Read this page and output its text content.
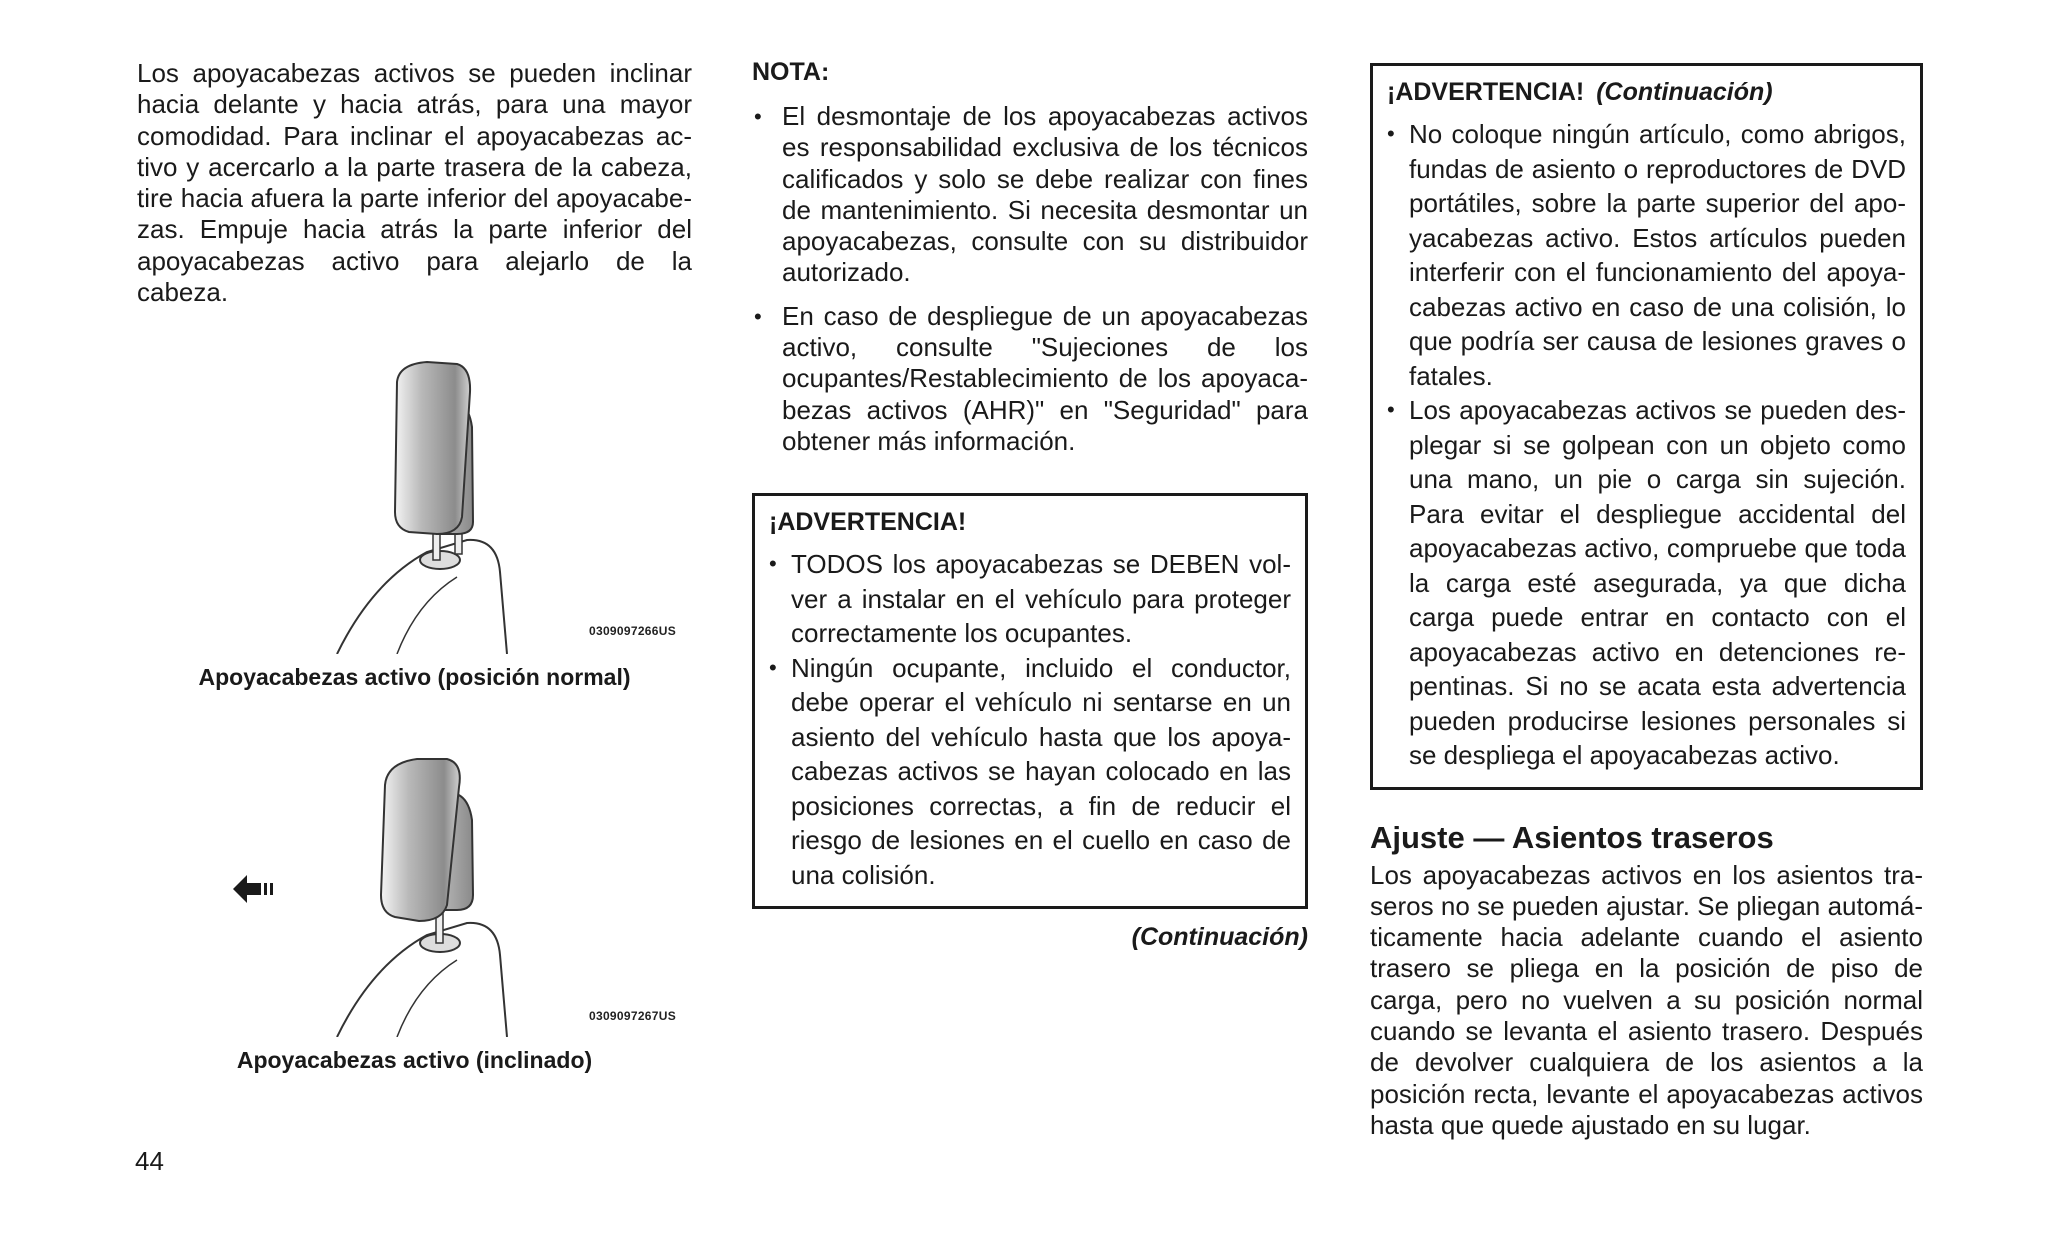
Los apoyacabezas activos se pueden inclinar hacia delante y hacia atrás, para una mayor comodidad. Para inclinar el apoyacabezas activo y acercarlo a la parte trasera de la cabeza, tire hacia afuera la parte inferior del apoyacabezas. Empuje hacia atrás la parte inferior del apoyacabezas activo para alejarlo de la cabeza.

0309097266US
Apoyacabezas activo (posición normal)
0309097267US
Apoyacabezas activo (inclinado)
NOTA:
• El desmontaje de los apoyacabezas activos es responsabilidad exclusiva de los técnicos calificados y solo se debe realizar con fines de mantenimiento. Si necesita desmontar un apoyacabezas, consulte con su distribuidor autorizado.
• En caso de despliegue de un apoyacabezas activo, consulte "Sujeciones de los ocupantes/Restablecimiento de los apoyacabezas activos (AHR)" en "Seguridad" para obtener más información.
¡ADVERTENCIA!
• TODOS los apoyacabezas se DEBEN volver a instalar en el vehículo para proteger correctamente los ocupantes.
• Ningún ocupante, incluido el conductor, debe operar el vehículo ni sentarse en un asiento del vehículo hasta que los apoyacabezas activos se hayan colocado en las posiciones correctas, a fin de reducir el riesgo de lesiones en el cuello en caso de una colisión.
(Continuación)
¡ADVERTENCIA! (Continuación)
• No coloque ningún artículo, como abrigos, fundas de asiento o reproductores de DVD portátiles, sobre la parte superior del apoyacabezas activo. Estos artículos pueden interferir con el funcionamiento del apoyacabezas activo en caso de una colisión, lo que podría ser causa de lesiones graves o fatales.
• Los apoyacabezas activos se pueden desplegar si se golpean con un objeto como una mano, un pie o carga sin sujeción. Para evitar el despliegue accidental del apoyacabezas activo, compruebe que toda la carga esté asegurada, ya que dicha carga puede entrar en contacto con el apoyacabezas activo en detenciones repentinas. Si no se acata esta advertencia pueden producirse lesiones personales si se despliega el apoyacabezas activo.
Ajuste — Asientos traseros

Los apoyacabezas activos en los asientos traseros no se pueden ajustar. Se pliegan automáticamente hacia adelante cuando el asiento trasero se pliega en la posición de piso de carga, pero no vuelven a su posición normal cuando se levanta el asiento trasero. Después de devolver cualquiera de los asientos a la posición recta, levante el apoyacabezas activos hasta que quede ajustado en su lugar.

44
